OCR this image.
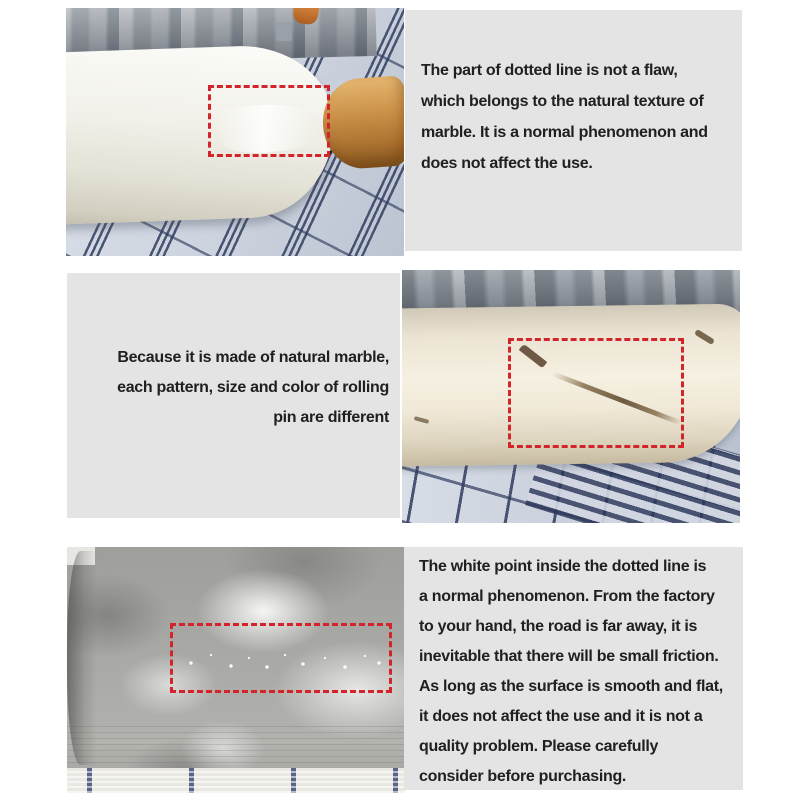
The part of dotted line is not a flaw,
which belongs to the natural texture of
marble. It is a normal phenomenon and
does not affect the use.
Because it is made of natural marble,
each pattern, size and color of rolling
pin are different
The white point inside the dotted line is
a normal phenomenon. From the factory
to your hand, the road is far away, it is
inevitable that there will be small friction.
As long as the surface is smooth and flat,
it does not affect the use and it is not a
quality problem. Please carefully
consider before purchasing.
